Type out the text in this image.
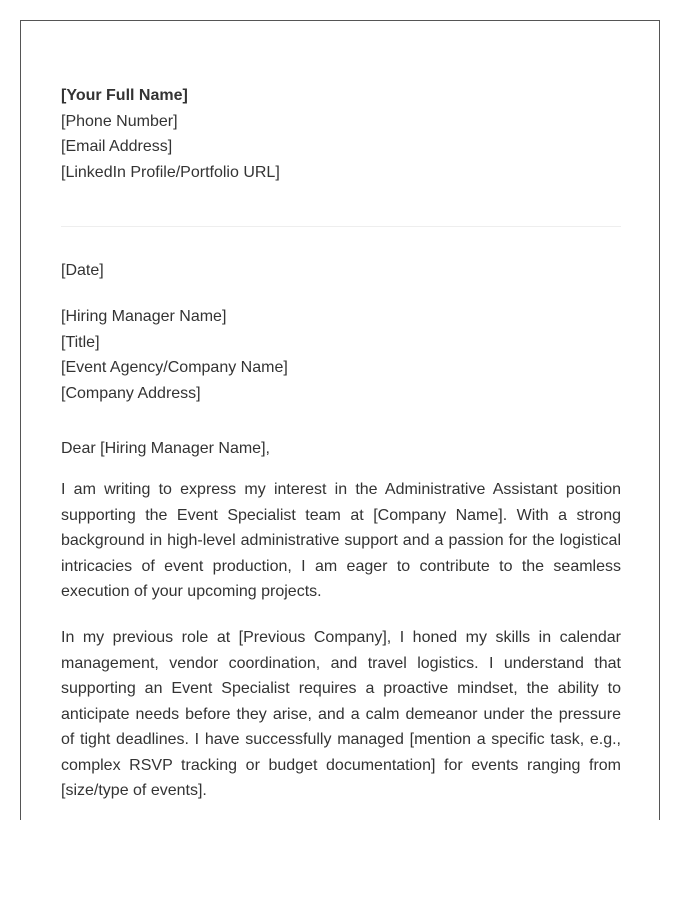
[Your Full Name]
[Phone Number]
[Email Address]
[LinkedIn Profile/Portfolio URL]
[Date]
[Hiring Manager Name]
[Title]
[Event Agency/Company Name]
[Company Address]
Dear [Hiring Manager Name],

I am writing to express my interest in the Administrative Assistant position supporting the Event Specialist team at [Company Name]. With a strong background in high-level administrative support and a passion for the logistical intricacies of event production, I am eager to contribute to the seamless execution of your upcoming projects.

In my previous role at [Previous Company], I honed my skills in calendar management, vendor coordination, and travel logistics. I understand that supporting an Event Specialist requires a proactive mindset, the ability to anticipate needs before they arise, and a calm demeanor under the pressure of tight deadlines. I have successfully managed [mention a specific task, e.g., complex RSVP tracking or budget documentation] for events ranging from [size/type of events].
